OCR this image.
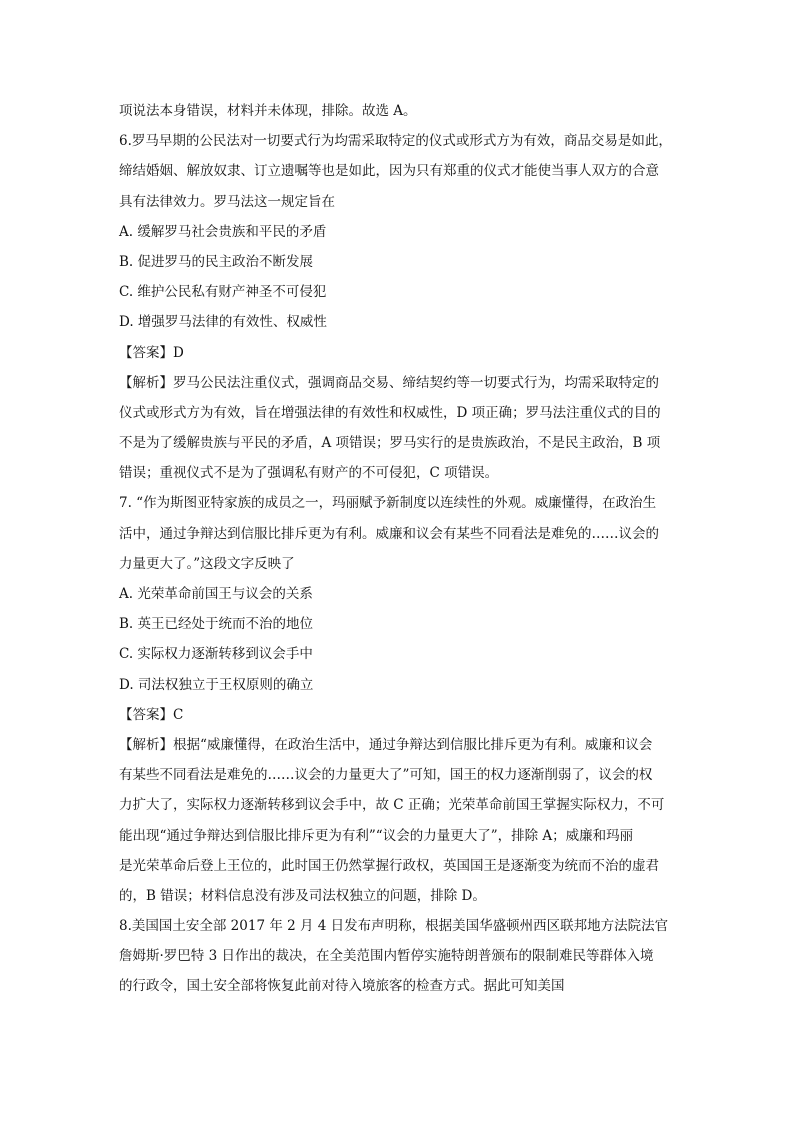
项说法本身错误，材料并未体现，排除。故选 A。
6.罗马早期的公民法对一切要式行为均需采取特定的仪式或形式方为有效，商品交易是如此，
缔结婚姻、解放奴隶、订立遗嘱等也是如此，因为只有郑重的仪式才能使当事人双方的合意
具有法律效力。罗马法这一规定旨在
A. 缓解罗马社会贵族和平民的矛盾
B. 促进罗马的民主政治不断发展
C. 维护公民私有财产神圣不可侵犯
D. 增强罗马法律的有效性、权威性
【答案】D
【解析】罗马公民法注重仪式，强调商品交易、缔结契约等一切要式行为，均需采取特定的
仪式或形式方为有效，旨在增强法律的有效性和权威性，D 项正确；罗马法注重仪式的目的
不是为了缓解贵族与平民的矛盾，A 项错误；罗马实行的是贵族政治，不是民主政治，B 项
错误；重视仪式不是为了强调私有财产的不可侵犯，C 项错误。
7. “作为斯图亚特家族的成员之一，玛丽赋予新制度以连续性的外观。威廉懂得，在政治生
活中，通过争辩达到信服比排斥更为有利。威廉和议会有某些不同看法是难免的……议会的
力量更大了。”这段文字反映了
A. 光荣革命前国王与议会的关系
B. 英王已经处于统而不治的地位
C. 实际权力逐渐转移到议会手中
D. 司法权独立于王权原则的确立
【答案】C
【解析】根据“威廉懂得，在政治生活中，通过争辩达到信服比排斥更为有利。威廉和议会
有某些不同看法是难免的……议会的力量更大了”可知，国王的权力逐渐削弱了，议会的权
力扩大了，实际权力逐渐转移到议会手中，故 C 正确；光荣革命前国王掌握实际权力，不可
能出现“通过争辩达到信服比排斥更为有利”“议会的力量更大了”，排除 A；威廉和玛丽
是光荣革命后登上王位的，此时国王仍然掌握行政权，英国国王是逐渐变为统而不治的虚君
的，B 错误；材料信息没有涉及司法权独立的问题，排除 D。
8.美国国土安全部 2017 年 2 月 4 日发布声明称，根据美国华盛顿州西区联邦地方法院法官
詹姆斯·罗巴特 3 日作出的裁决，在全美范围内暂停实施特朗普颁布的限制难民等群体入境
的行政令，国土安全部将恢复此前对待入境旅客的检查方式。据此可知美国
